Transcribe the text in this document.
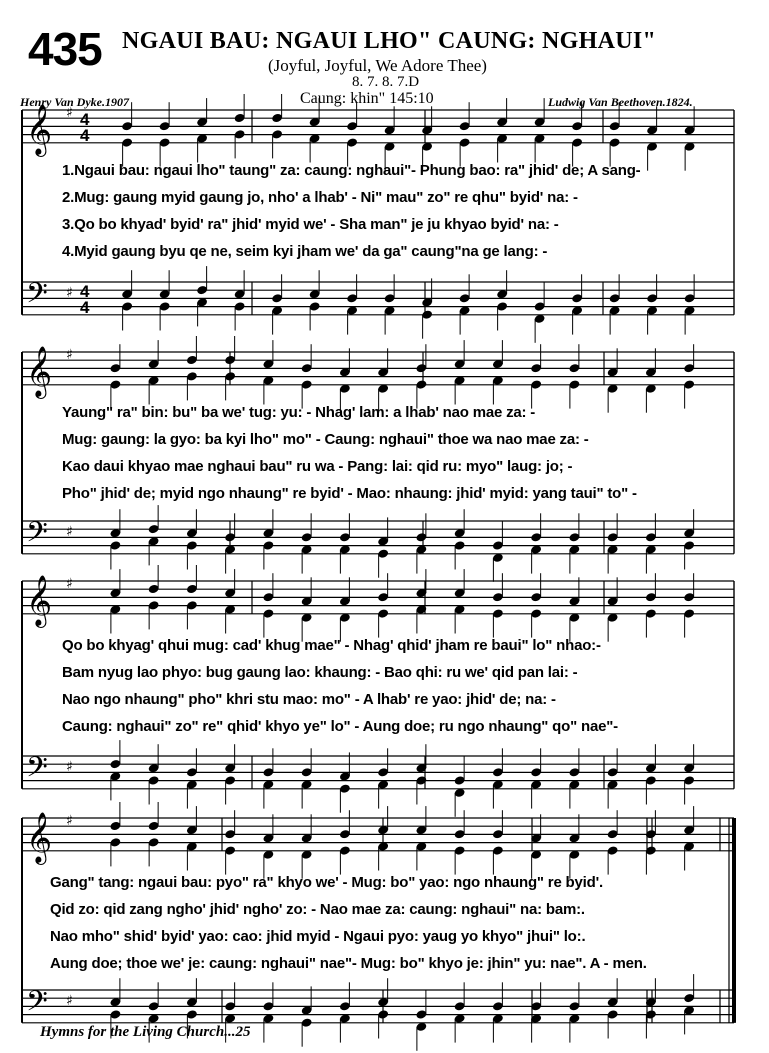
435 NGAUI BAU: NGAUI LHO" CAUNG: NGHAUI"
(Joyful, Joyful, We Adore Thee)
8. 7. 8. 7.D
Caung: khin" 145:10
Henry Van Dyke.1907	Ludwig Van Beethoven.1824.
𝄞 ♯ 4
4
𝄢 ♯ 4
4
𝄞 ♯
𝄢 ♯
𝄞 ♯
𝄢 ♯
𝄞 ♯
𝄢 ♯
1.Ngaui bau: ngaui lho" taung" za: caung: nghaui"- Phung bao: ra" jhid' de; A sang-
2.Mug: gaung myid gaung jo, nho' a lhab' - Ni" mau" zo" re qhu" byid' na: -
3.Qo bo khyad' byid' ra" jhid' myid we' - Sha man" je ju khyao byid' na: -
4.Myid gaung byu qe ne, seim kyi jham we' da ga" caung"na ge lang: -
Yaung" ra" bin: bu" ba we' tug: yu: - Nhag' lam: a lhab' nao mae za: -
Mug: gaung: la gyo: ba kyi lho" mo" - Caung: nghaui" thoe wa nao mae za: -
Kao daui khyao mae nghaui bau" ru wa - Pang: lai: qid ru: myo" laug: jo; -
Pho" jhid' de; myid ngo nhaung" re byid' - Mao: nhaung: jhid' myid: yang taui" to" -
Qo bo khyag' qhui mug: cad' khug mae" - Nhag' qhid' jham re baui" lo" nhao:-
Bam nyug lao phyo: bug gaung lao: khaung: - Bao qhi: ru we' qid pan lai: -
Nao ngo nhaung" pho" khri stu mao: mo" - A lhab' re yao: jhid' de; na: -
Caung: nghaui" zo" re" qhid' khyo ye" lo" - Aung doe; ru ngo nhaung" qo" nae"-
Gang" tang: ngaui bau: pyo" ra" khyo we' - Mug: bo" yao: ngo nhaung" re byid'.
Qid zo: qid zang ngho' jhid' ngho' zo: - Nao mae za: caung: nghaui" na: bam:.
Nao mho" shid' byid' yao: cao: jhid myid - Ngaui pyo: yaug yo khyo" jhui" lo:.
Aung doe; thoe we' je: caung: nghaui" nae"- Mug: bo" khyo je: jhin" yu: nae". A - men.
Hymns for the Living Church...25
